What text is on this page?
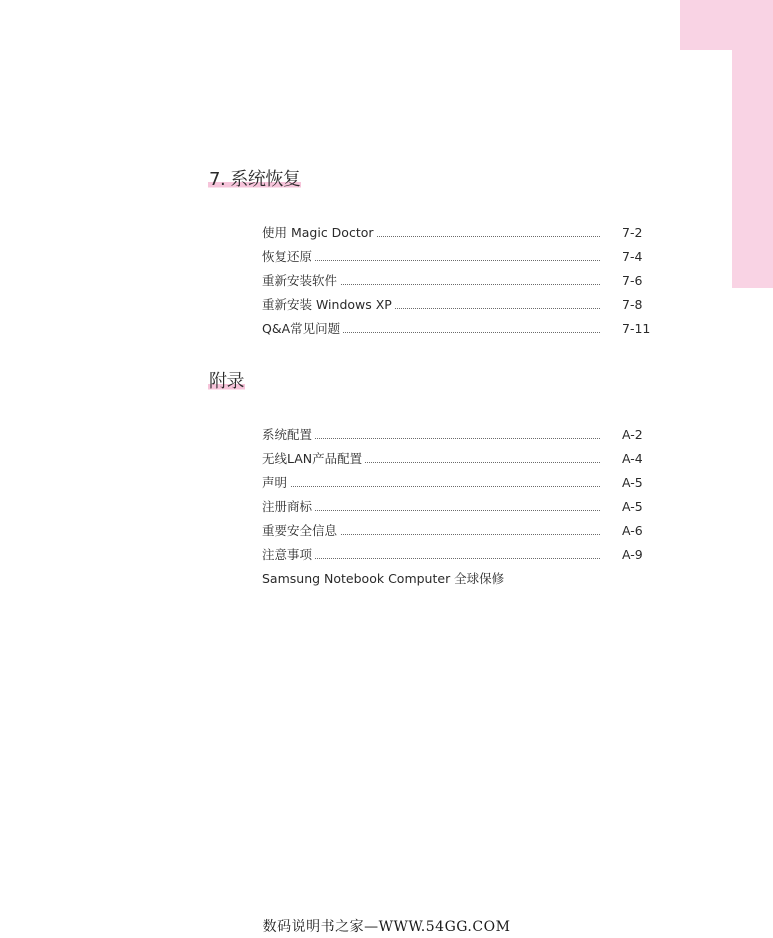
7. 系统恢复
使用 Magic Doctor	7-2
恢复还原	7-4
重新安装软件	7-6
重新安装 Windows XP	7-8
Q&A常见问题	7-11
附录
系统配置	A-2
无线LAN产品配置	A-4
声明	A-5
注册商标	A-5
重要安全信息	A-6
注意事项	A-9
Samsung Notebook Computer 全球保修
数码说明书之家—WWW.54GG.COM
